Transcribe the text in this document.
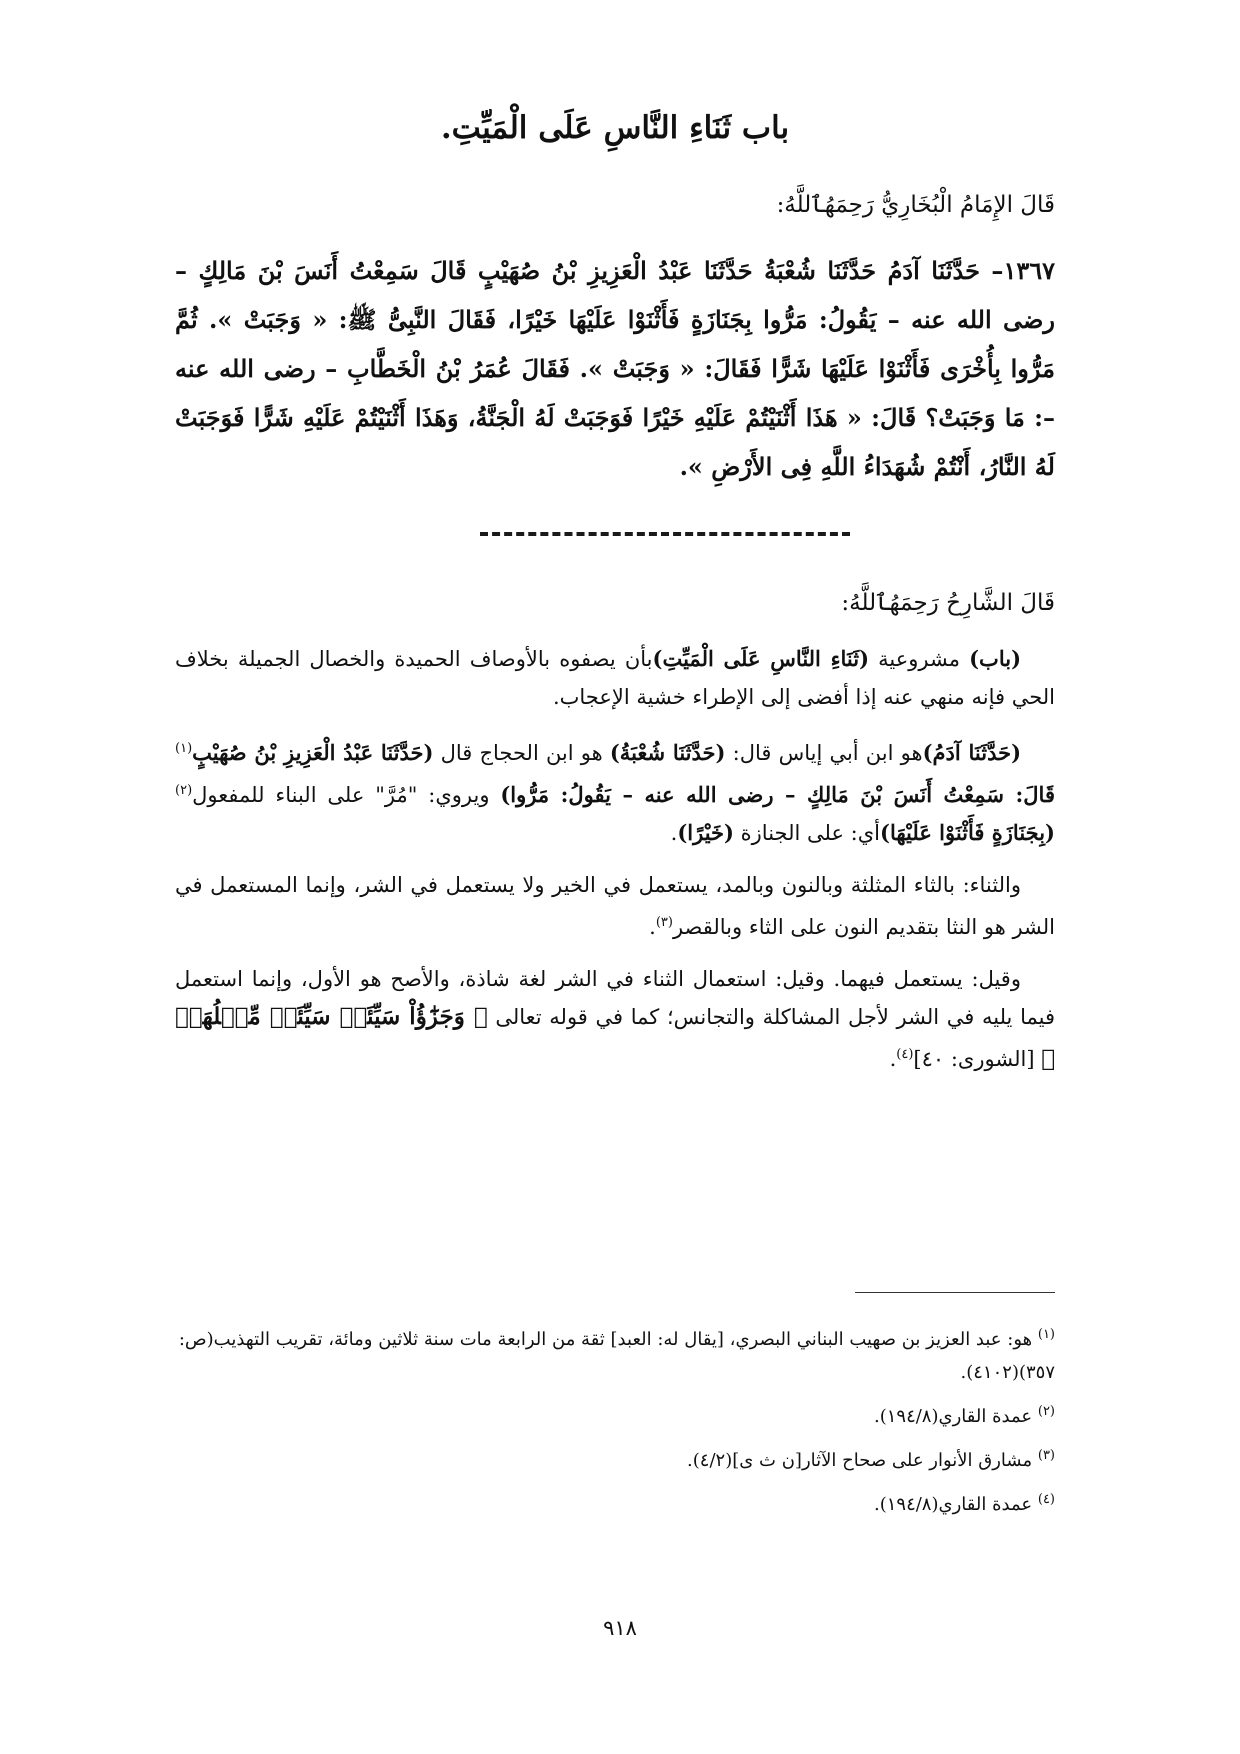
باب ثَنَاءِ النَّاسِ عَلَى الْمَيِّتِ.
قَالَ الإِمَامُ الْبُخَارِيُّ رَحِمَهُٱللَّهُ:
١٣٦٧– حَدَّثَنَا آدَمُ حَدَّثَنَا شُعْبَةُ حَدَّثَنَا عَبْدُ الْعَزِيزِ بْنُ صُهَيْبٍ قَالَ سَمِعْتُ أَنَسَ بْنَ مَالِكٍ – رضى الله عنه – يَقُولُ: مَرُّوا بِجَنَازَةٍ فَأَثْنَوْا عَلَيْهَا خَيْرًا، فَقَالَ النَّبِىُّ ﷺ: « وَجَبَتْ ». ثُمَّ مَرُّوا بِأُخْرَى فَأَثْنَوْا عَلَيْهَا شَرًّا فَقَالَ: « وَجَبَتْ ». فَقَالَ عُمَرُ بْنُ الْخَطَّابِ – رضى الله عنه –: مَا وَجَبَتْ؟ قَالَ: « هَذَا أَثْنَيْتُمْ عَلَيْهِ خَيْرًا فَوَجَبَتْ لَهُ الْجَنَّةُ، وَهَذَا أَثْنَيْتُمْ عَلَيْهِ شَرًّا فَوَجَبَتْ لَهُ النَّارُ، أَنْتُمْ شُهَدَاءُ اللَّهِ فِى الأَرْضِ ».
قَالَ الشَّارِحُ رَحِمَهُٱللَّهُ:

(باب) مشروعية (ثَنَاءِ النَّاسِ عَلَى الْمَيِّتِ)بأن يصفوه بالأوصاف الحميدة والخصال الجميلة بخلاف الحي فإنه منهي عنه إذا أفضى إلى الإطراء خشية الإعجاب.

(حَدَّثَنَا آدَمُ)هو ابن أبي إياس قال: (حَدَّثَنَا شُعْبَةُ) هو ابن الحجاج قال (حَدَّثَنَا عَبْدُ الْعَزِيزِ بْنُ صُهَيْبٍ$^{(١)}$ قَالَ: سَمِعْتُ أَنَسَ بْنَ مَالِكٍ – رضى الله عنه – يَقُولُ: مَرُّوا) ويروي: "مُرَّ" على البناء للمفعول$^{(٢)}$ (بِجَنَازَةٍ فَأَثْنَوْا عَلَيْهَا)أي: على الجنازة (خَيْرًا).

والثناء: بالثاء المثلثة وبالنون وبالمد، يستعمل في الخير ولا يستعمل في الشر، وإنما المستعمل في الشر هو النثا بتقديم النون على الثاء وبالقصر$^{(٣)}$.

وقيل: يستعمل فيهما. وقيل: استعمال الثناء في الشر لغة شاذة، والأصح هو الأول، وإنما استعمل فيما يليه في الشر لأجل المشاكلة والتجانس؛ كما في قوله تعالى ﴿ وَجَزَٰٓؤُاْ سَيِّئَةٖ سَيِّئَةٞ مِّثۡلُهَاۖ ﴾ [الشورى: ٤٠]$^{(٤)}$.

$^{(١)}$ هو: عبد العزيز بن صهيب البناني البصري، [يقال له: العبد] ثقة من الرابعة مات سنة ثلاثين ومائة، تقريب التهذيب(ص: ٣٥٧)(٤١٠٢).

$^{(٢)}$ عمدة القاري(١٩٤/٨).

$^{(٣)}$ مشارق الأنوار على صحاح الآثار[ن ث ى](٤/٢).

$^{(٤)}$ عمدة القاري(١٩٤/٨).

٩١٨
